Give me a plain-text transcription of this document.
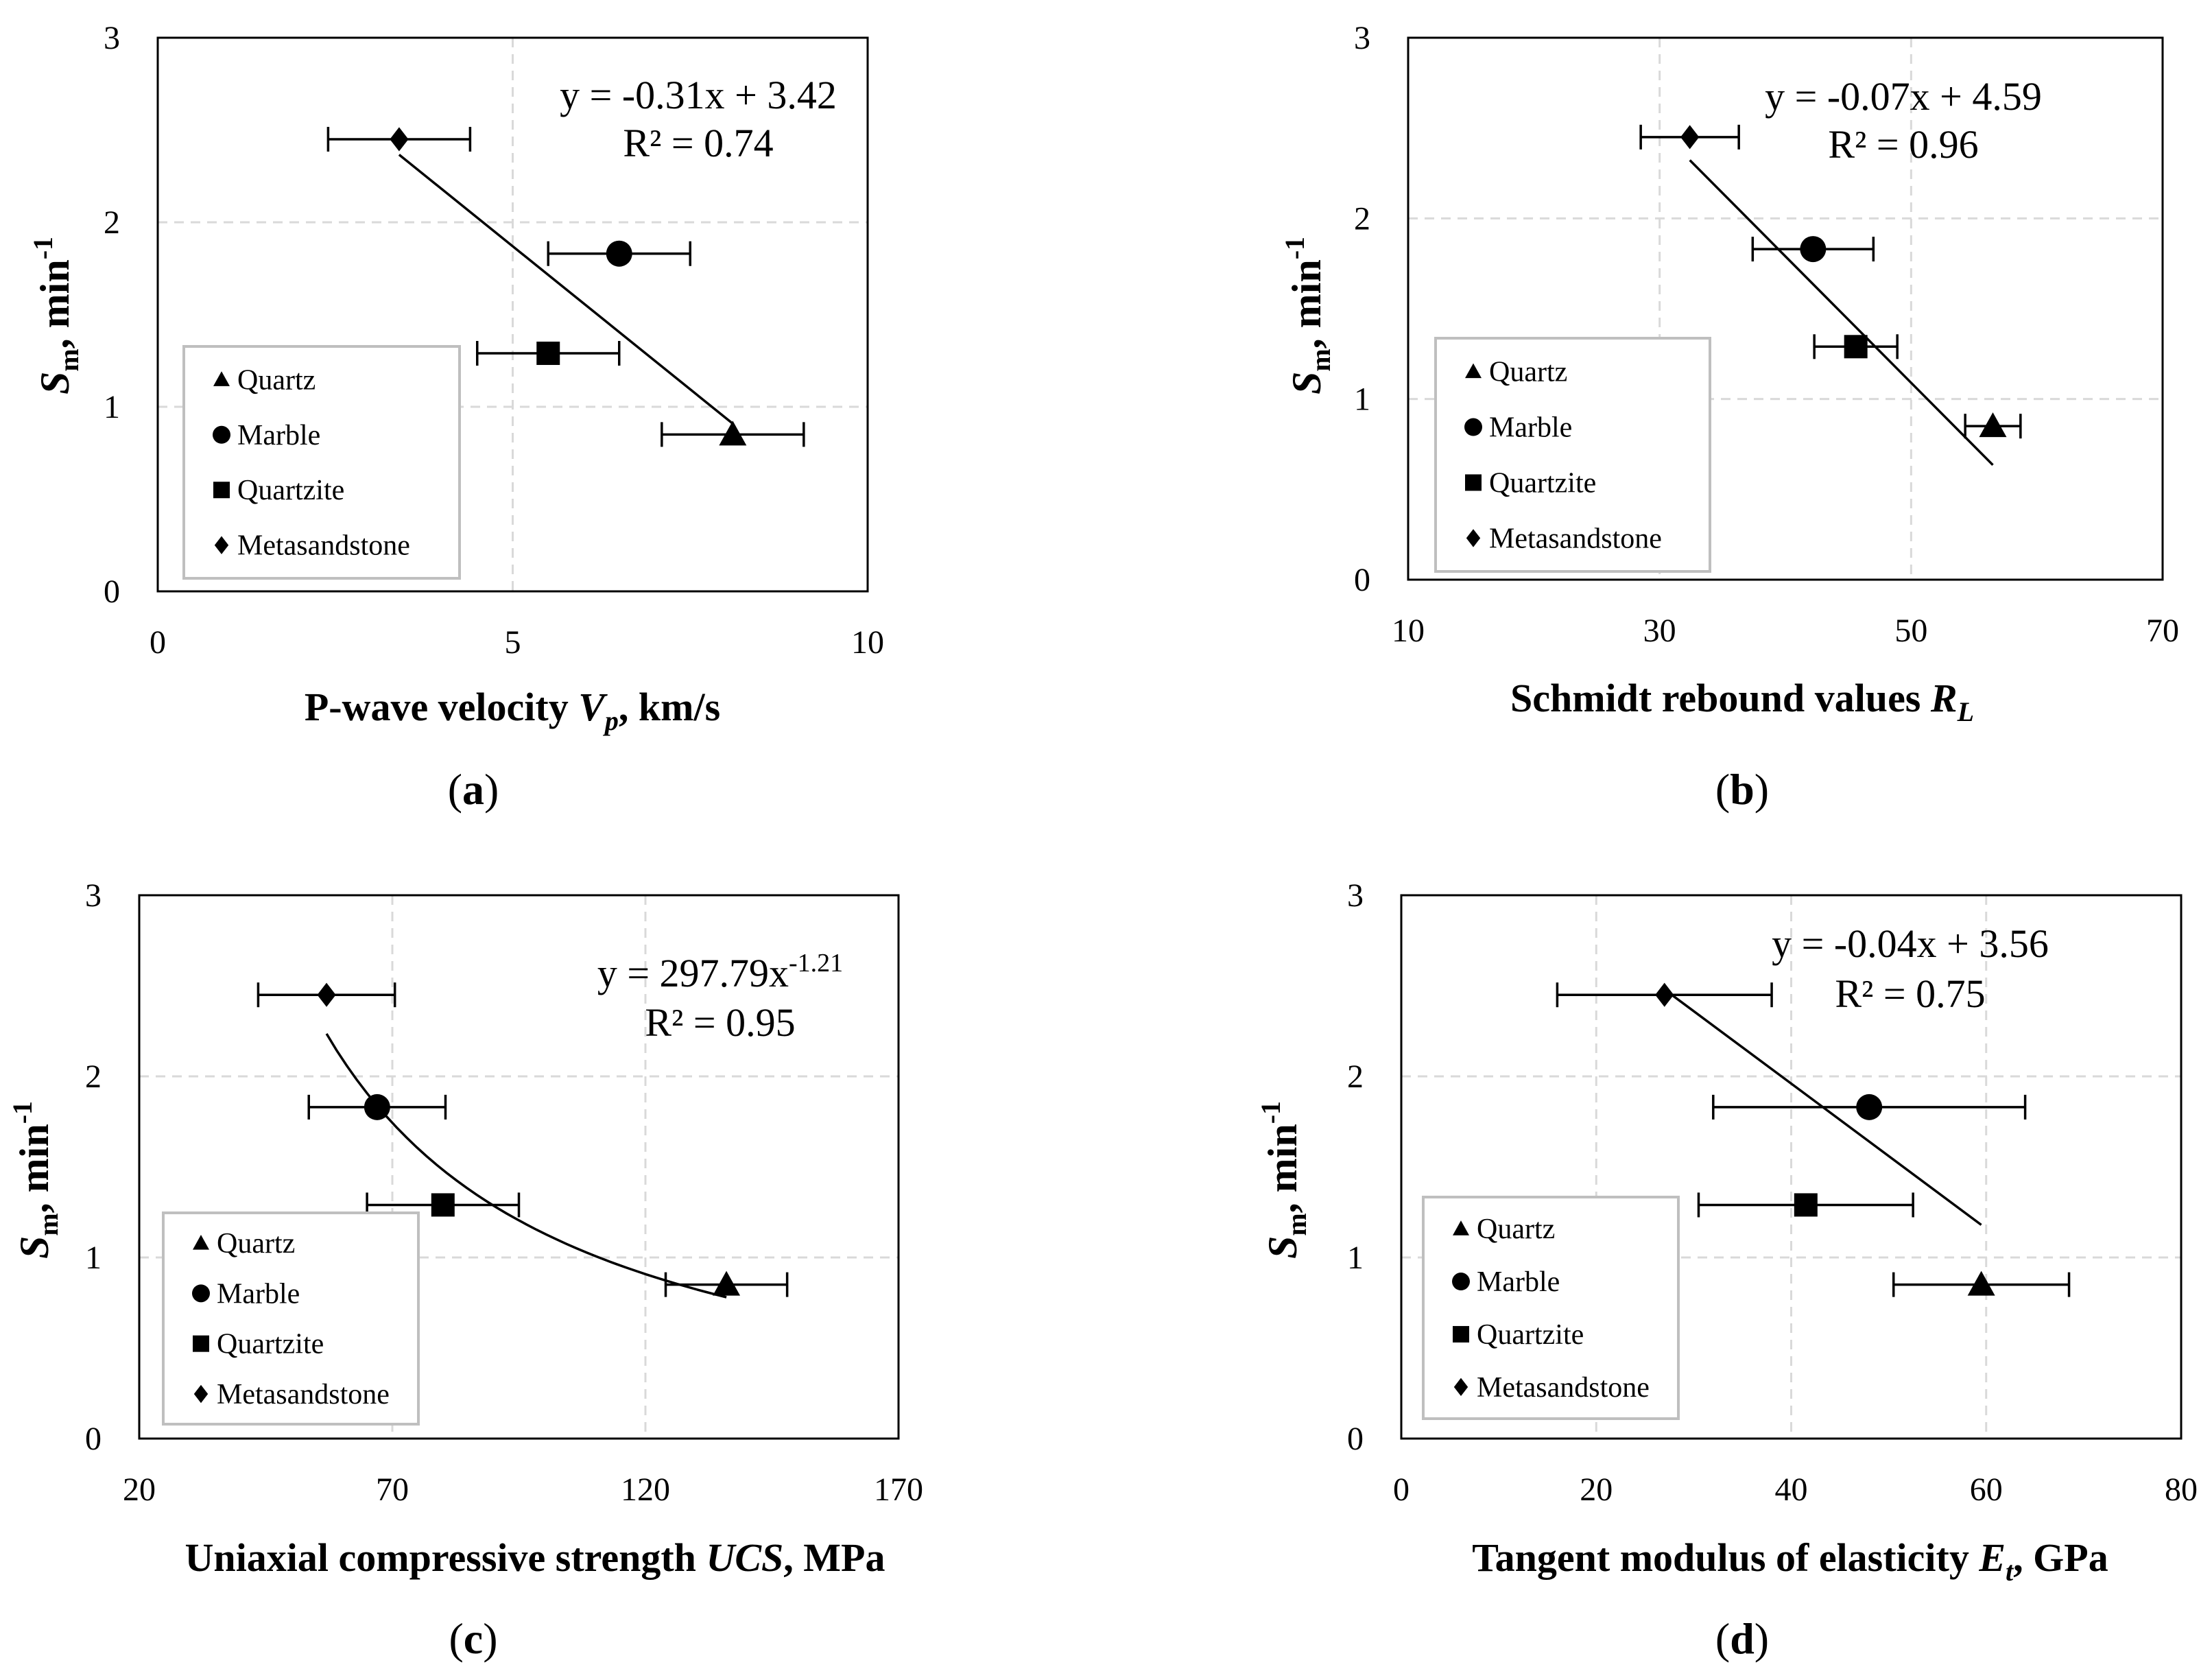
0	5	10
0
1
2
3
Quartz
Marble
Quartzite
Metasandstone
y = -0.31x + 3.42
R² = 0.74
P-wave velocity $V_p$, km/s
$S_m$, $\min^{-1}$
(a)
10	30	50	70
0
1
2
3
Quartz
Marble
Quartzite
Metasandstone
y = -0.07x + 4.59
R² = 0.96
Schmidt rebound values $R_L$
$S_m$, $\min^{-1}$
(b)
20	70	120	170
0
1
2
3
Quartz
Marble
Quartzite
Metasandstone
$y = 297.79x^{-1.21}$
R² = 0.95
Uniaxial compressive strength UCS, MPa
$S_m$, $\min^{-1}$
(c)
0	20	40	60	80
0
1
2
3
Quartz
Marble
Quartzite
Metasandstone
y = -0.04x + 3.56
R² = 0.75
Tangent modulus of elasticity $E_t$, GPa
$S_m$, $\min^{-1}$
(d)
